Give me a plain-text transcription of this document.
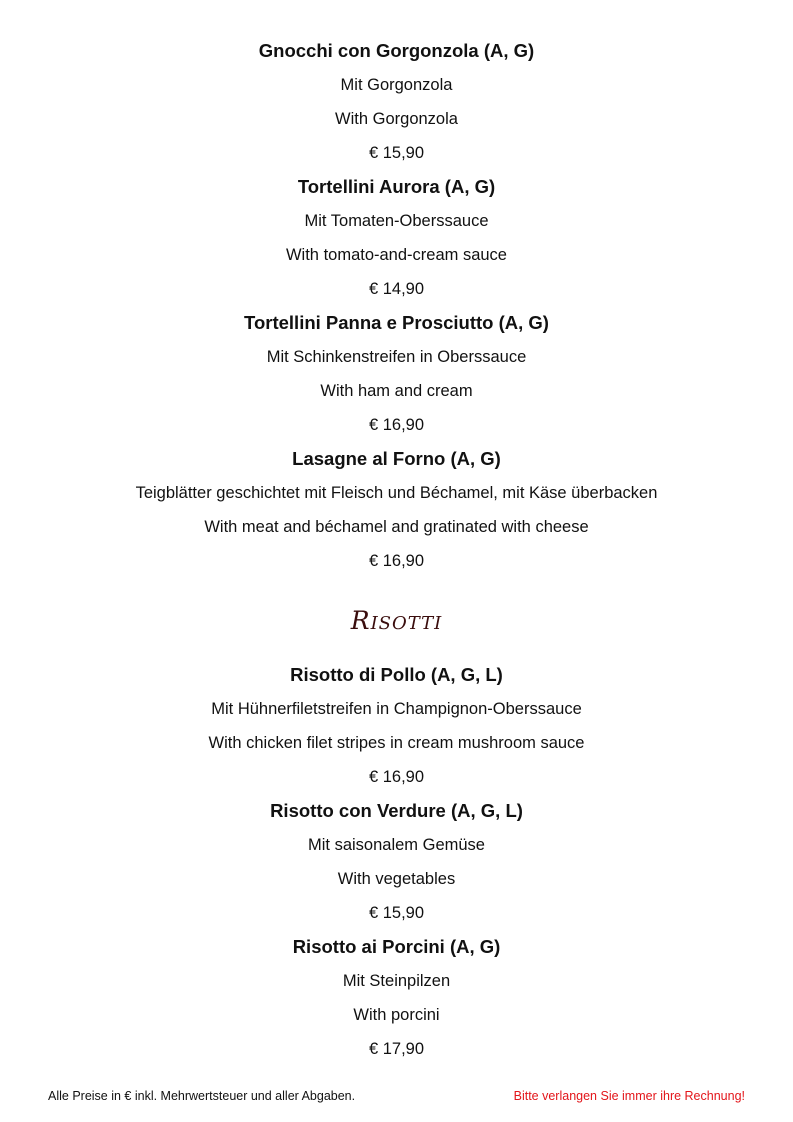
Gnocchi con Gorgonzola (A, G)

Mit Gorgonzola

With Gorgonzola

€ 15,90

Tortellini Aurora (A, G)

Mit Tomaten-Oberssauce

With tomato-and-cream sauce

€ 14,90

Tortellini Panna e Prosciutto (A, G)

Mit Schinkenstreifen in Oberssauce

With ham and cream

€ 16,90

Lasagne al Forno (A, G)

Teigblätter geschichtet mit Fleisch und Béchamel, mit Käse überbacken

With meat and béchamel and gratinated with cheese

€ 16,90

Risotti

Risotto di Pollo (A, G, L)

Mit Hühnerfiletstreifen in Champignon-Oberssauce

With chicken filet stripes in cream mushroom sauce

€ 16,90

Risotto con Verdure (A, G, L)

Mit saisonalem Gemüse

With vegetables

€ 15,90

Risotto ai Porcini (A, G)

Mit Steinpilzen

With porcini

€ 17,90

Alle Preise in € inkl. Mehrwertsteuer und aller Abgaben.	Bitte verlangen Sie immer ihre Rechnung!
